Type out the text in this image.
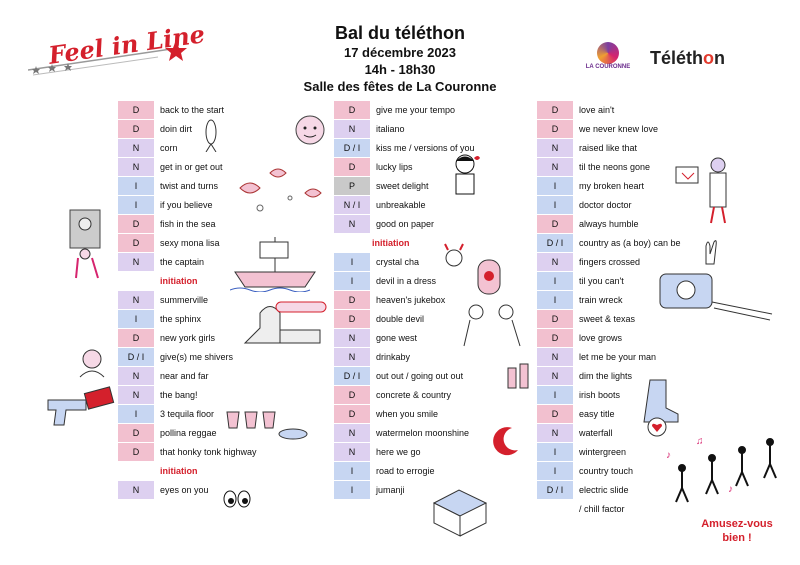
Feel in Line	Bal du téléthon
17 décembre 2023
14h - 18h30
Salle des fêtes de La Couronne
LA COURONNE	Téléthon
D	back to the start
D	doin dirt
N	corn
N	get in or get out
I	twist and turns
I	if you believe
D	fish in the sea
D	sexy mona lisa
N	the captain
initiation
N	summerville
I	the sphinx
D	new york girls
D / I	give(s) me shivers
N	near and far
N	the bang!
I	3 tequila floor
D	pollina reggae
D	that honky tonk highway
initiation
N	eyes on you
D	give me your tempo
N	italiano
D / I	kiss me / versions of you
D	lucky lips
P	sweet delight
N / I	unbreakable
N	good on paper
initiation
I	crystal cha
I	devil in a dress
D	heaven's jukebox
D	double devil
N	gone west
N	drinkaby
D / I	out out / going out out
D	concrete & country
D	when you smile
N	watermelon moonshine
N	here we go
I	road to errogie
I	jumanji
D	love ain't
D	we never knew love
N	raised like that
N	til the neons gone
I	my broken heart
I	doctor doctor
D	always humble
D / I	country as (a boy) can be
N	fingers crossed
I	til you can't
I	train wreck
D	sweet & texas
D	love grows
N	let me be your man
N	dim the lights
I	irish boots
D	easy title
N	waterfall
I	wintergreen
I	country touch
D / I	electric slide
/ chill factor
♪
♫
♪
Amusez-vous
bien !
